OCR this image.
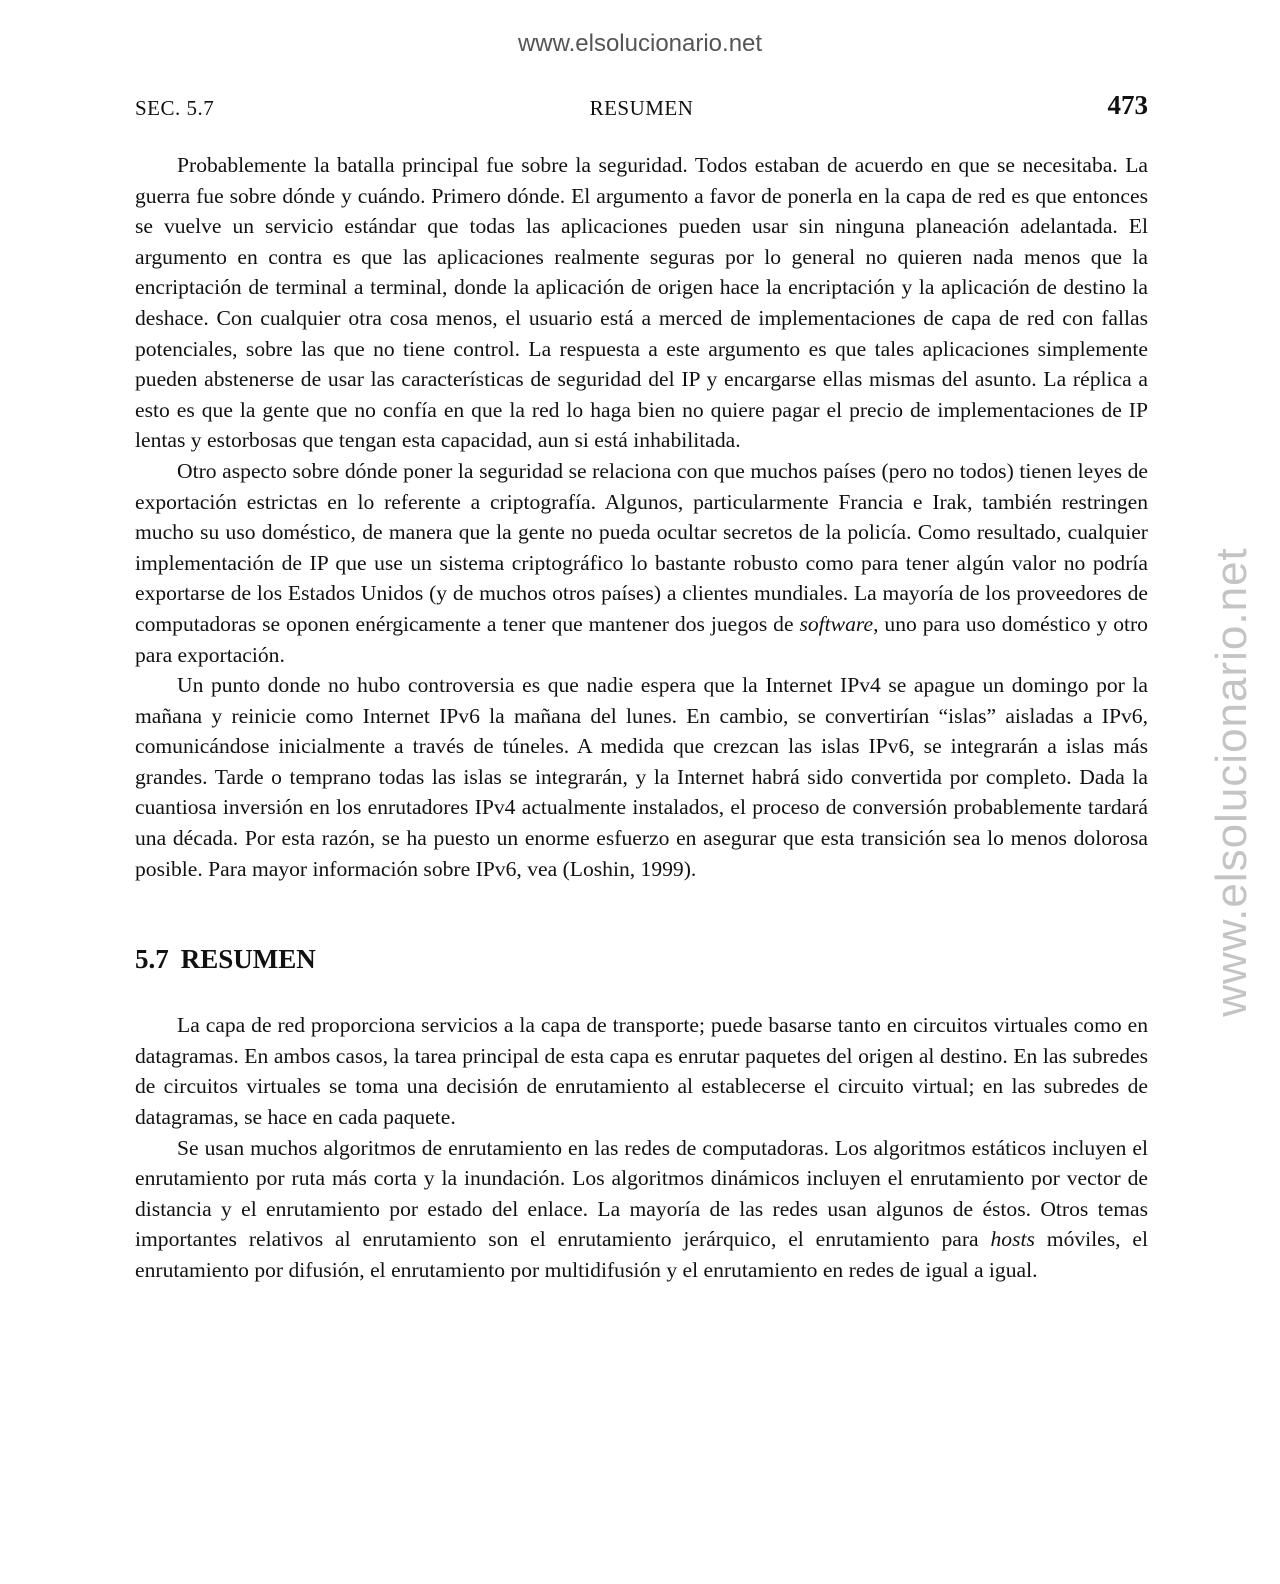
www.elsolucionario.net
www.elsolucionario.net
SEC. 5.7	RESUMEN	473

Probablemente la batalla principal fue sobre la seguridad. Todos estaban de acuerdo en que se necesitaba. La guerra fue sobre dónde y cuándo. Primero dónde. El argumento a favor de ponerla en la capa de red es que entonces se vuelve un servicio estándar que todas las aplicaciones pueden usar sin ninguna planeación adelantada. El argumento en contra es que las aplicaciones realmente seguras por lo general no quieren nada menos que la encriptación de terminal a terminal, donde la aplicación de origen hace la encriptación y la aplicación de destino la deshace. Con cualquier otra cosa menos, el usuario está a merced de implementaciones de capa de red con fallas potenciales, sobre las que no tiene control. La respuesta a este argumento es que tales aplicaciones simplemente pueden abstenerse de usar las características de seguridad del IP y encargarse ellas mismas del asunto. La réplica a esto es que la gente que no confía en que la red lo haga bien no quiere pagar el precio de implementaciones de IP lentas y estorbosas que tengan esta capacidad, aun si está inhabilitada.

Otro aspecto sobre dónde poner la seguridad se relaciona con que muchos países (pero no todos) tienen leyes de exportación estrictas en lo referente a criptografía. Algunos, particularmente Francia e Irak, también restringen mucho su uso doméstico, de manera que la gente no pueda ocultar secretos de la policía. Como resultado, cualquier implementación de IP que use un sistema criptográfico lo bastante robusto como para tener algún valor no podría exportarse de los Estados Unidos (y de muchos otros países) a clientes mundiales. La mayoría de los proveedores de computadoras se oponen enérgicamente a tener que mantener dos juegos de software, uno para uso doméstico y otro para exportación.

Un punto donde no hubo controversia es que nadie espera que la Internet IPv4 se apague un domingo por la mañana y reinicie como Internet IPv6 la mañana del lunes. En cambio, se convertirían “islas” aisladas a IPv6, comunicándose inicialmente a través de túneles. A medida que crezcan las islas IPv6, se integrarán a islas más grandes. Tarde o temprano todas las islas se integrarán, y la Internet habrá sido convertida por completo. Dada la cuantiosa inversión en los enrutadores IPv4 actualmente instalados, el proceso de conversión probablemente tardará una década. Por esta razón, se ha puesto un enorme esfuerzo en asegurar que esta transición sea lo menos dolorosa posible. Para mayor información sobre IPv6, vea (Loshin, 1999).

5.7 RESUMEN

La capa de red proporciona servicios a la capa de transporte; puede basarse tanto en circuitos virtuales como en datagramas. En ambos casos, la tarea principal de esta capa es enrutar paquetes del origen al destino. En las subredes de circuitos virtuales se toma una decisión de enrutamiento al establecerse el circuito virtual; en las subredes de datagramas, se hace en cada paquete.

Se usan muchos algoritmos de enrutamiento en las redes de computadoras. Los algoritmos estáticos incluyen el enrutamiento por ruta más corta y la inundación. Los algoritmos dinámicos incluyen el enrutamiento por vector de distancia y el enrutamiento por estado del enlace. La mayoría de las redes usan algunos de éstos. Otros temas importantes relativos al enrutamiento son el enrutamiento jerárquico, el enrutamiento para hosts móviles, el enrutamiento por difusión, el enrutamiento por multidifusión y el enrutamiento en redes de igual a igual.
